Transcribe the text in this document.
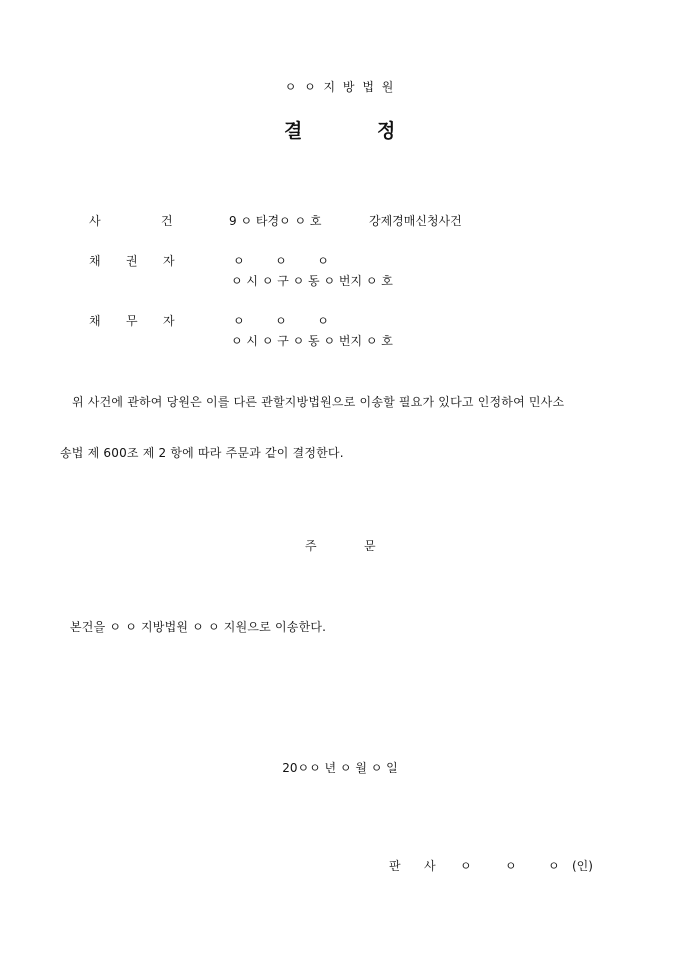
ㅇ ㅇ 지 방 법 원
결	정
사	건	9 ㅇ 타경ㅇ ㅇ 호	강제경매신청사건
채 권 자	ㅇ        ㅇ        ㅇ
ㅇ 시 ㅇ 구 ㅇ 동 ㅇ 번지 ㅇ 호
채 무 자	ㅇ        ㅇ        ㅇ
ㅇ 시 ㅇ 구 ㅇ 동 ㅇ 번지 ㅇ 호
위 사건에 관하여 당원은 이를 다른 관할지방법원으로 이송할 필요가 있다고 인정하여 민사소
송법 제 600조 제 2 항에 따라 주문과 같이 결정한다.
주	문
본건을 ㅇ ㅇ 지방법원 ㅇ ㅇ 지원으로 이송한다.
20ㅇㅇ 년 ㅇ 월 ㅇ 일
판 사 ㅇ	ㅇ	ㅇ (인)
